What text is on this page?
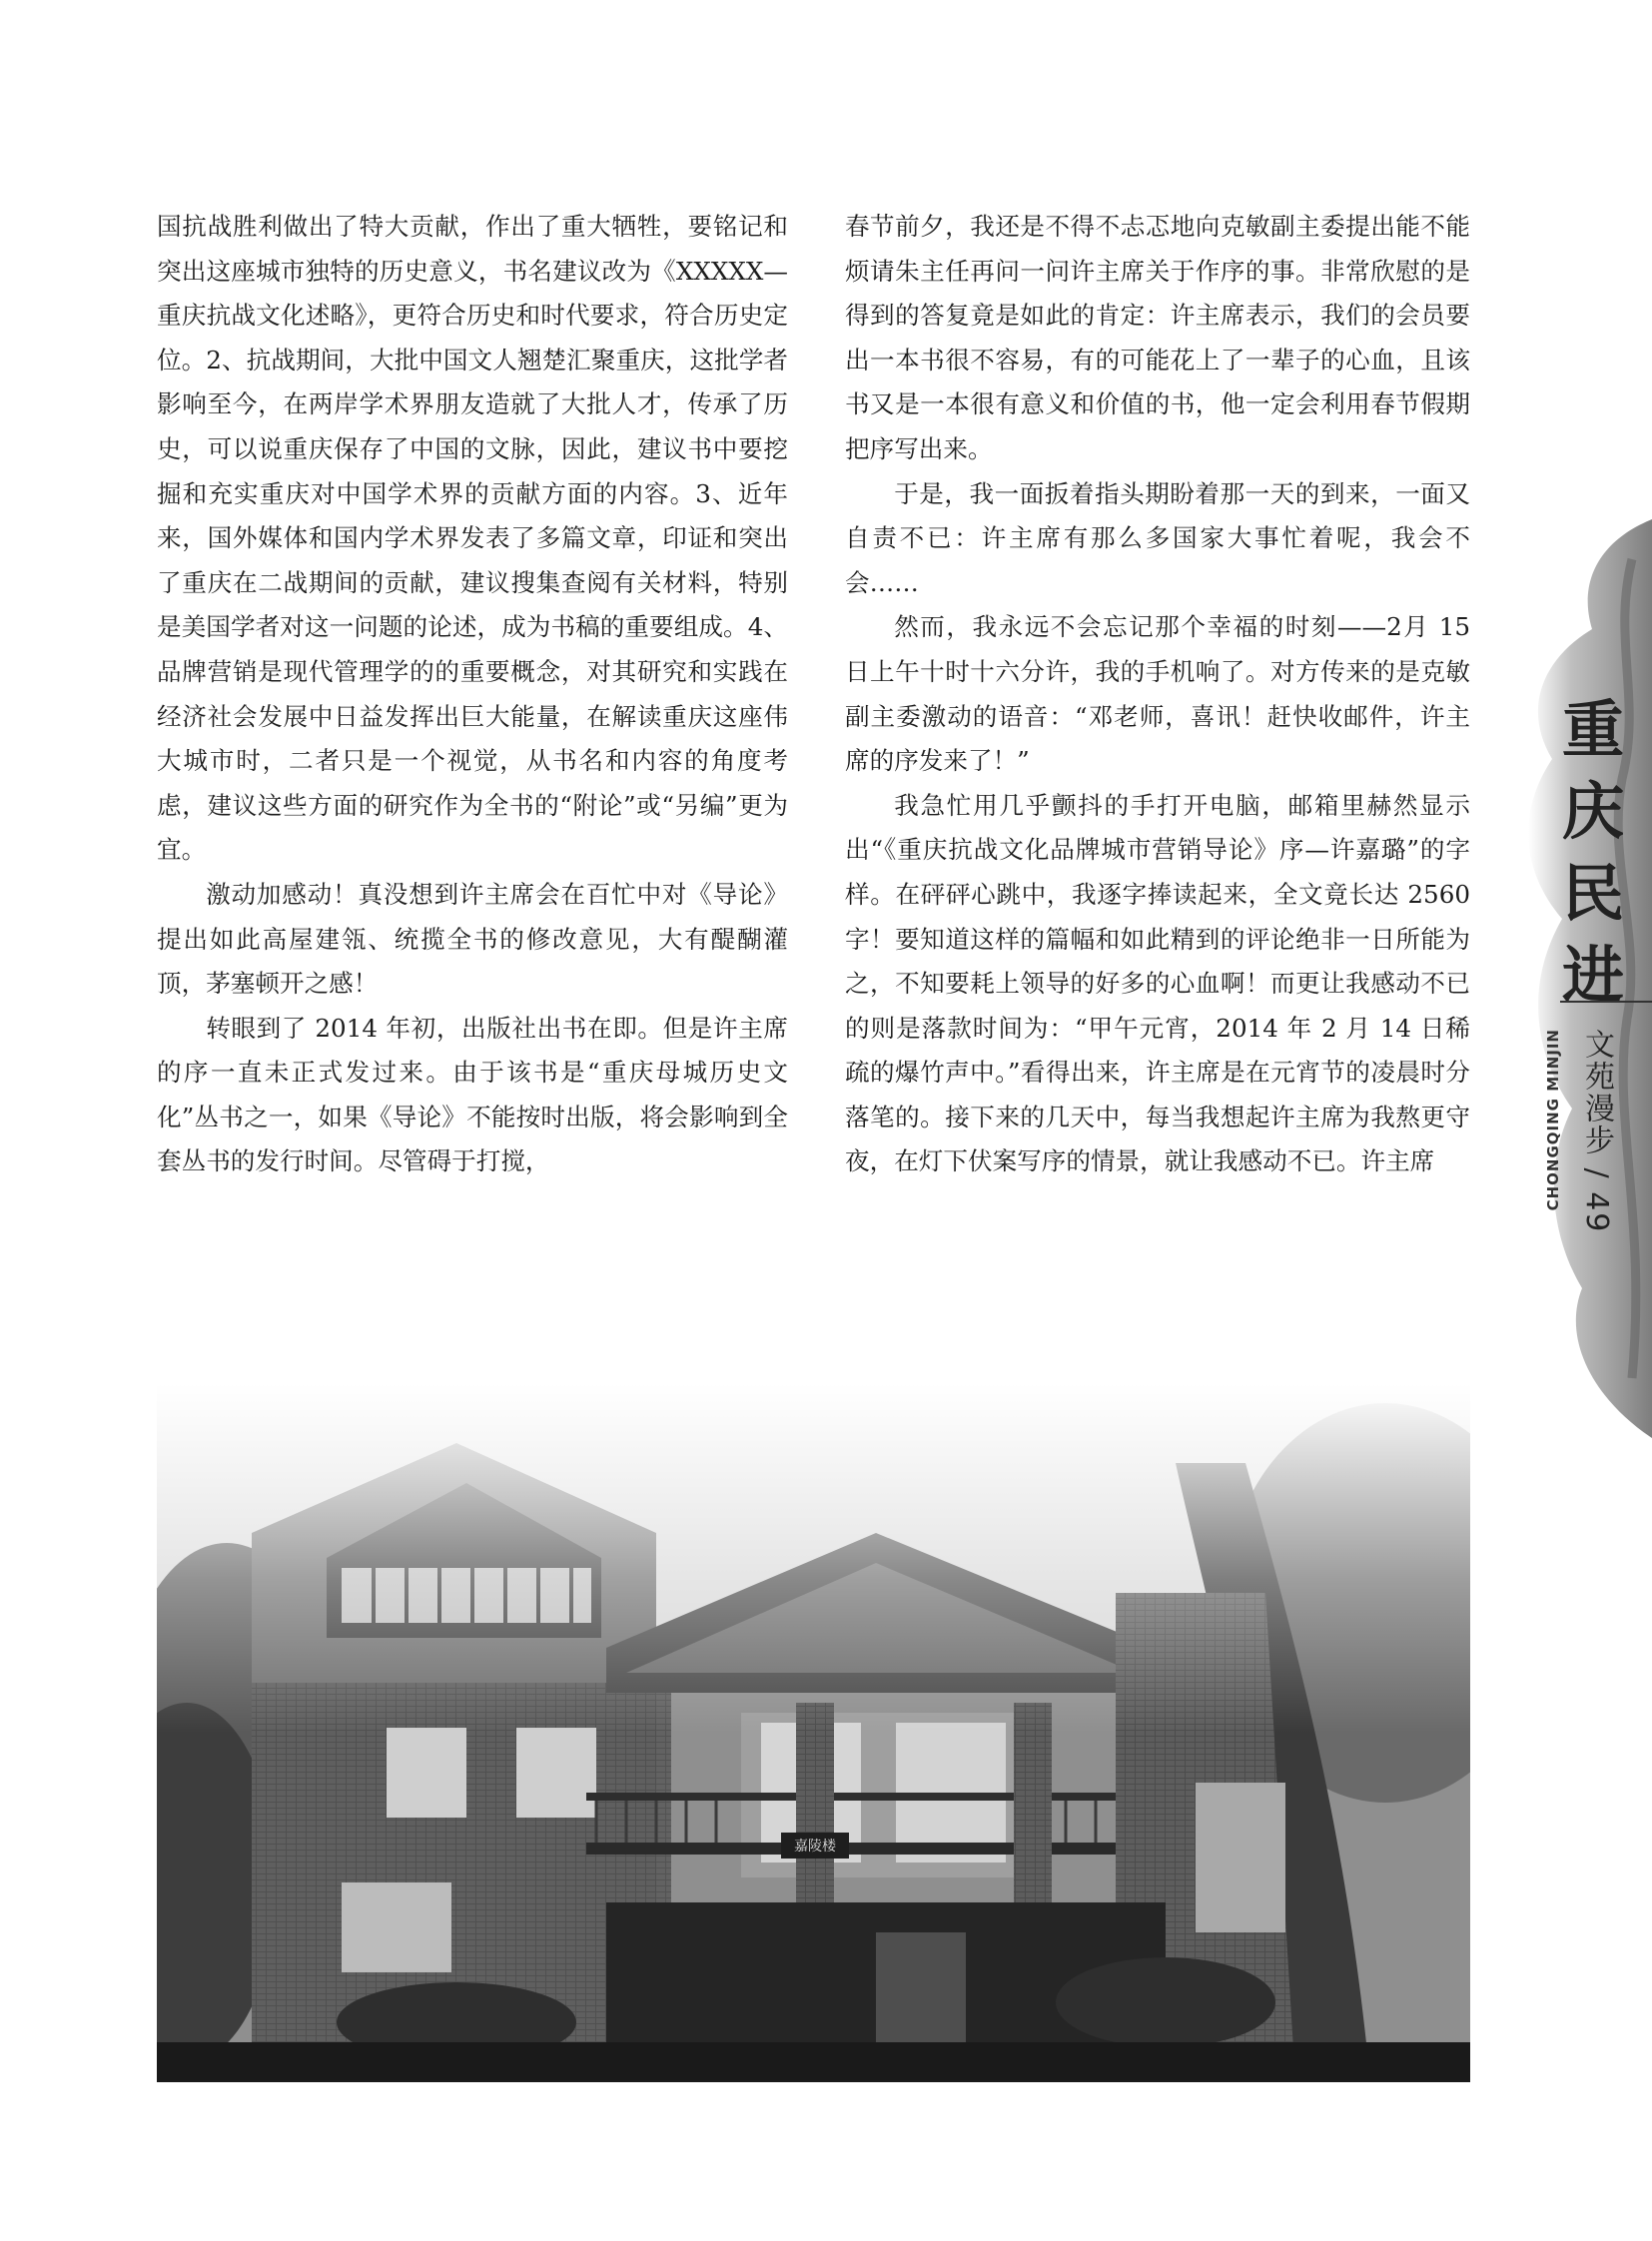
国抗战胜利做出了特大贡献，作出了重大牺牲，要铭记和突出这座城市独特的历史意义，书名建议改为《XXXXX—重庆抗战文化述略》，更符合历史和时代要求，符合历史定位。2、抗战期间，大批中国文人翘楚汇聚重庆，这批学者影响至今，在两岸学术界朋友造就了大批人才，传承了历史，可以说重庆保存了中国的文脉，因此，建议书中要挖掘和充实重庆对中国学术界的贡献方面的内容。3、近年来，国外媒体和国内学术界发表了多篇文章，印证和突出了重庆在二战期间的贡献，建议搜集查阅有关材料，特别是美国学者对这一问题的论述，成为书稿的重要组成。4、品牌营销是现代管理学的的重要概念，对其研究和实践在经济社会发展中日益发挥出巨大能量，在解读重庆这座伟大城市时，二者只是一个视觉，从书名和内容的角度考虑，建议这些方面的研究作为全书的“附论”或“另编”更为宜。

激动加感动！真没想到许主席会在百忙中对《导论》提出如此高屋建瓴、统揽全书的修改意见，大有醍醐灌顶，茅塞顿开之感！

转眼到了 2014 年初，出版社出书在即。但是许主席的序一直未正式发过来。由于该书是“重庆母城历史文化”丛书之一，如果《导论》不能按时出版，将会影响到全套丛书的发行时间。尽管碍于打搅，

春节前夕，我还是不得不忐忑地向克敏副主委提出能不能烦请朱主任再问一问许主席关于作序的事。非常欣慰的是得到的答复竟是如此的肯定：许主席表示，我们的会员要出一本书很不容易，有的可能花上了一辈子的心血，且该书又是一本很有意义和价值的书，他一定会利用春节假期把序写出来。

于是，我一面扳着指头期盼着那一天的到来，一面又自责不已：许主席有那么多国家大事忙着呢，我会不会……

然而，我永远不会忘记那个幸福的时刻——2月 15 日上午十时十六分许，我的手机响了。对方传来的是克敏副主委激动的语音：“邓老师，喜讯！赶快收邮件，许主席的序发来了！”

我急忙用几乎颤抖的手打开电脑，邮箱里赫然显示出“《重庆抗战文化品牌城市营销导论》序—许嘉璐”的字样。在砰砰心跳中，我逐字捧读起来，全文竟长达 2560 字！要知道这样的篇幅和如此精到的评论绝非一日所能为之，不知要耗上领导的好多的心血啊！而更让我感动不已的则是落款时间为：“甲午元宵，2014 年 2 月 14 日稀疏的爆竹声中。”看得出来，许主席是在元宵节的凌晨时分落笔的。接下来的几天中，每当我想起许主席为我熬更守夜，在灯下伏案写序的情景，就让我感动不已。许主席

重
庆
民
进
CHONGQING MINJIN 文苑漫步 / 49
